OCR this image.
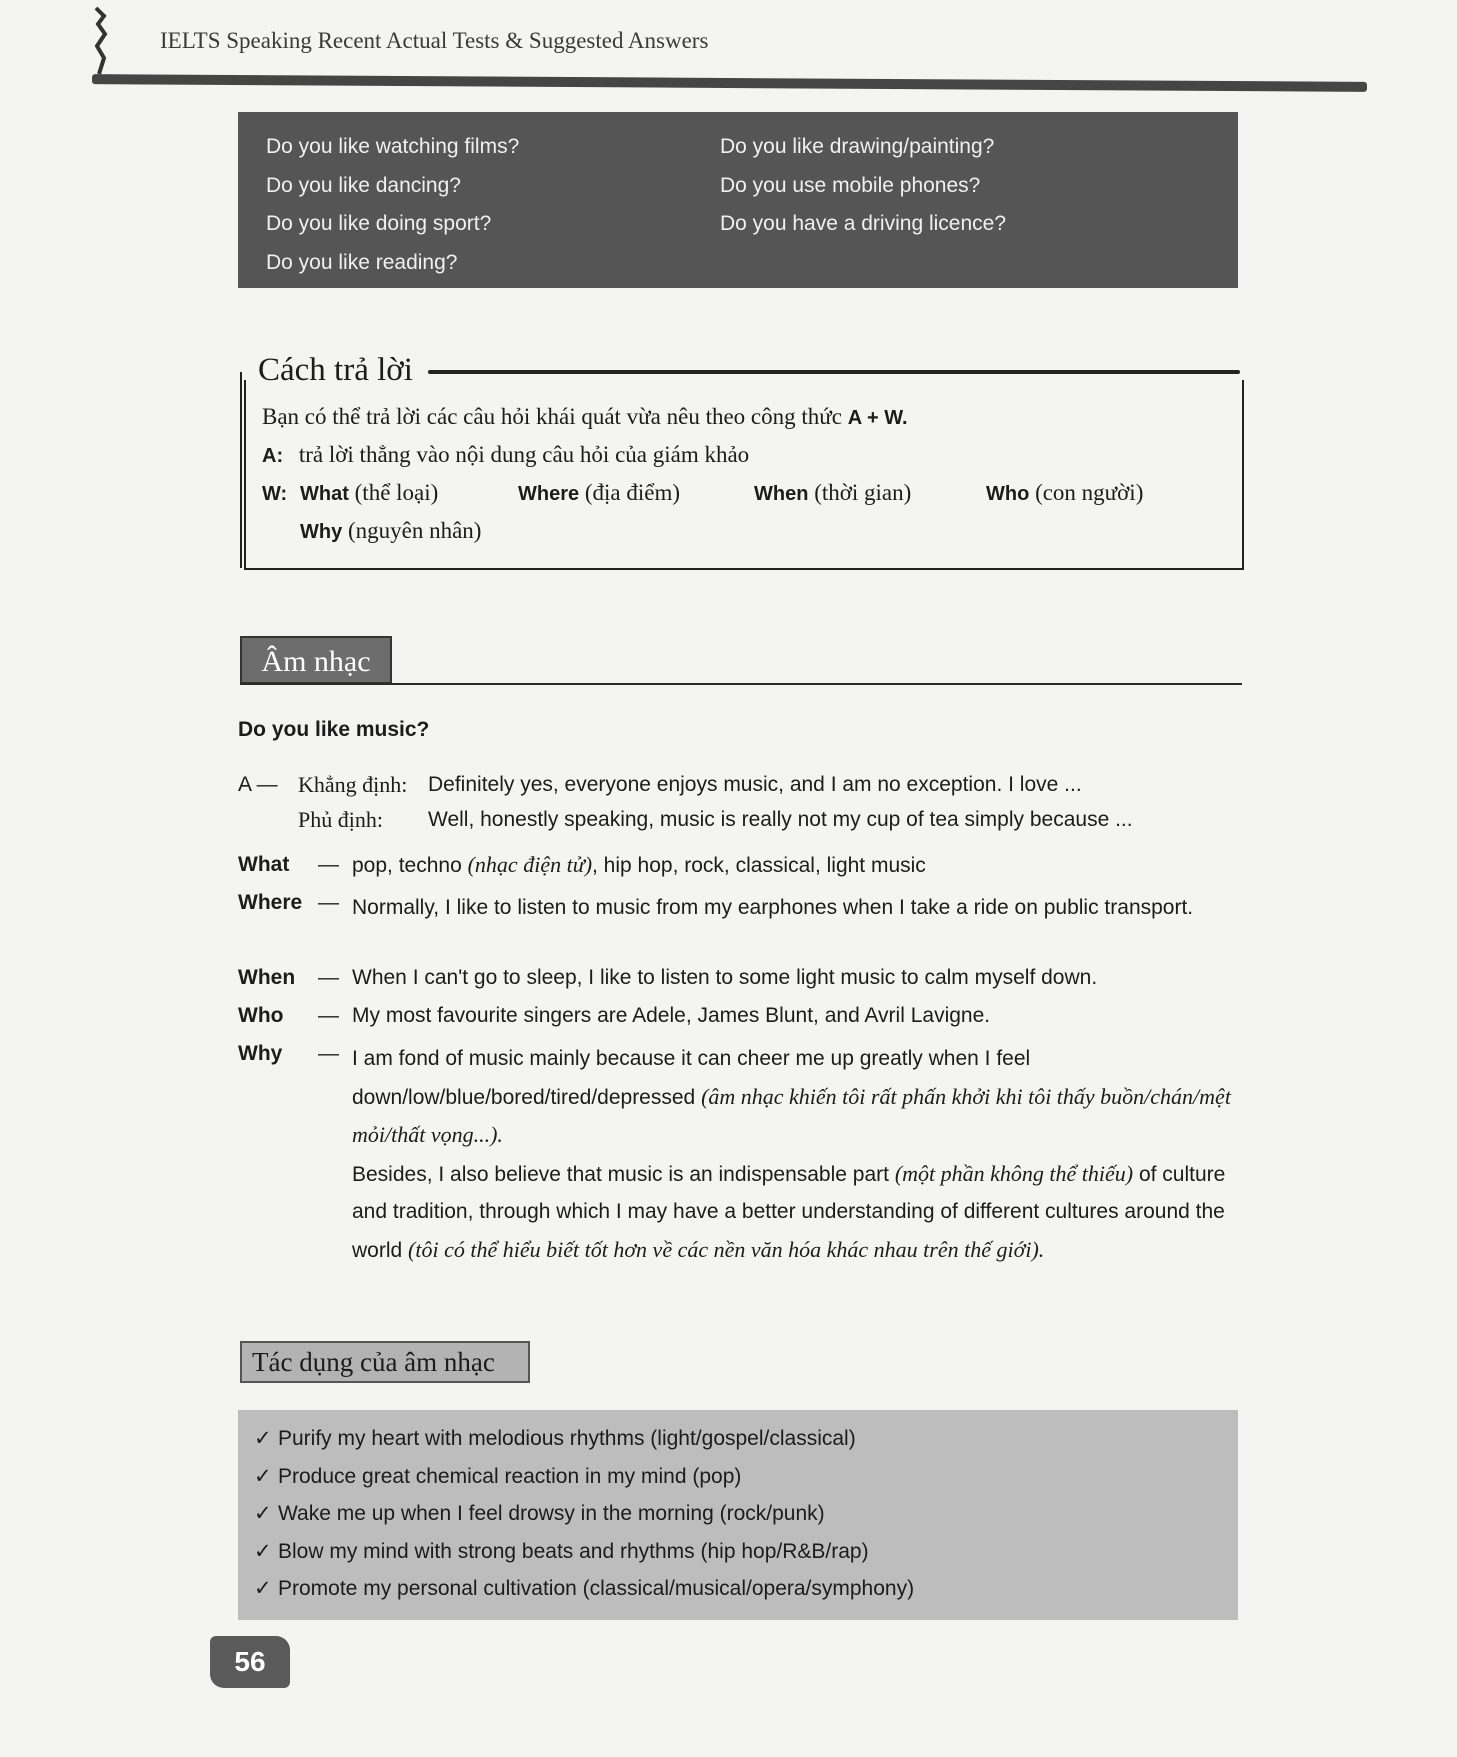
IELTS Speaking Recent Actual Tests & Suggested Answers
Do you like watching films?
Do you like dancing?
Do you like doing sport?
Do you like reading?
Do you like drawing/painting?
Do you use mobile phones?
Do you have a driving licence?
Cách trả lời
Bạn có thể trả lời các câu hỏi khái quát vừa nêu theo công thức A + W.
A: trả lời thẳng vào nội dung câu hỏi của giám khảo
W: What (thể loại)	Where (địa điểm)	When (thời gian)	Who (con người)
Why (nguyên nhân)
Âm nhạc
Do you like music?
A — Khẳng định: Definitely yes, everyone enjoys music, and I am no exception. I love ...
Phủ định: Well, honestly speaking, music is really not my cup of tea simply because ...
What — pop, techno (nhạc điện tử), hip hop, rock, classical, light music
Where — Normally, I like to listen to music from my earphones when I take a ride on public transport.
When — When I can't go to sleep, I like to listen to some light music to calm myself down.
Who — My most favourite singers are Adele, James Blunt, and Avril Lavigne.
Why — I am fond of music mainly because it can cheer me up greatly when I feel down/low/blue/bored/tired/depressed (âm nhạc khiến tôi rất phấn khởi khi tôi thấy buồn/chán/mệt mỏi/thất vọng...).
Besides, I also believe that music is an indispensable part (một phần không thể thiếu) of culture and tradition, through which I may have a better understanding of different cultures around the world (tôi có thể hiểu biết tốt hơn về các nền văn hóa khác nhau trên thế giới).
Tác dụng của âm nhạc
✓ Purify my heart with melodious rhythms (light/gospel/classical)
✓ Produce great chemical reaction in my mind (pop)
✓ Wake me up when I feel drowsy in the morning (rock/punk)
✓ Blow my mind with strong beats and rhythms (hip hop/R&B/rap)
✓ Promote my personal cultivation (classical/musical/opera/symphony)
56
